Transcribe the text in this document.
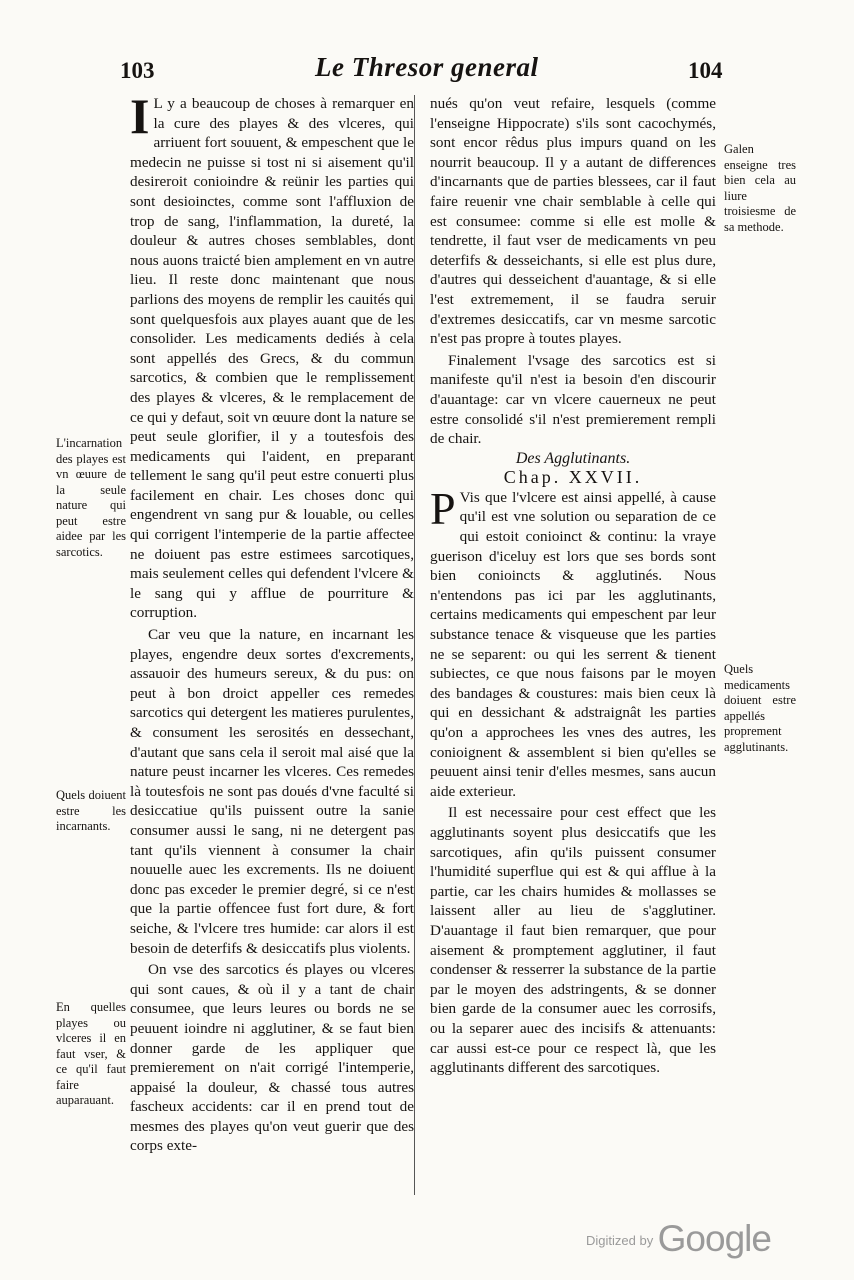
103	Le Thresor general	104
L'incarnation des playes est vn œuure de la seule nature qui peut estre aidee par les sarcotics.
Quels doiuent estre les incarnants.
En quelles playes ou vlceres il en faut vser, & ce qu'il faut faire auparauant.

I L y a beaucoup de choses à remarquer en la cure des playes & des vlceres, qui arriuent fort souuent, & empeschent que le medecin ne puisse si tost ni si aisement qu'il desireroit conioindre & reünir les parties qui sont desioinctes, comme sont l'affluxion de trop de sang, l'inflammation, la dureté, la douleur & autres choses semblables, dont nous auons traicté bien amplement en vn autre lieu. Il reste donc maintenant que nous parlions des moyens de remplir les cauités qui sont quelquesfois aux playes auant que de les consolider. Les medicaments dediés à cela sont appellés des Grecs, & du commun sarcotics, & combien que le remplissement des playes & vlceres, & le remplacement de ce qui y defaut, soit vn œuure dont la nature se peut seule glorifier, il y a toutesfois des medicaments qui l'aident, en preparant tellement le sang qu'il peut estre conuerti plus facilement en chair. Les choses donc qui engendrent vn sang pur & louable, ou celles qui corrigent l'intemperie de la partie affectee ne doiuent pas estre estimees sarcotiques, mais seulement celles qui defendent l'vlcere & le sang qui y afflue de pourriture & corruption.

Car veu que la nature, en incarnant les playes, engendre deux sortes d'excrements, assauoir des humeurs sereux, & du pus: on peut à bon droict appeller ces remedes sarcotics qui detergent les matieres purulentes, & consument les serosités en dessechant, d'autant que sans cela il seroit mal aisé que la nature peust incarner les vlceres. Ces remedes là toutesfois ne sont pas doués d'vne faculté si desiccatiue qu'ils puissent outre la sanie consumer aussi le sang, ni ne detergent pas tant qu'ils viennent à consumer la chair nouuelle auec les excrements. Ils ne doiuent donc pas exceder le premier degré, si ce n'est que la partie offencee fust fort dure, & fort seiche, & l'vlcere tres humide: car alors il est besoin de deterfifs & desiccatifs plus violents.

On vse des sarcotics és playes ou vlceres qui sont caues, & où il y a tant de chair consumee, que leurs leures ou bords ne se peuuent ioindre ni agglutiner, & se faut bien donner garde de les appliquer que premierement on n'ait corrigé l'intemperie, appaisé la douleur, & chassé tous autres fascheux accidents: car il en prend tout de mesmes des playes qu'on veut guerir que des corps exte-

nués qu'on veut refaire, lesquels (comme l'enseigne Hippocrate) s'ils sont cacochymés, sont encor rêdus plus impurs quand on les nourrit beaucoup. Il y a autant de differences d'incarnants que de parties blessees, car il faut faire reuenir vne chair semblable à celle qui est consumee: comme si elle est molle & tendrette, il faut vser de medicaments vn peu deterfifs & desseichants, si elle est plus dure, d'autres qui desseichent d'auantage, & si elle l'est extremement, il se faudra seruir d'extremes desiccatifs, car vn mesme sarcotic n'est pas propre à toutes playes.

Finalement l'vsage des sarcotics est si manifeste qu'il n'est ia besoin d'en discourir d'auantage: car vn vlcere cauerneux ne peut estre consolidé s'il n'est premierement rempli de chair.

Des Agglutinants.

Chap. XXVII.

P Vis que l'vlcere est ainsi appellé, à cause qu'il est vne solution ou separation de ce qui estoit conioinct & continu: la vraye guerison d'iceluy est lors que ses bords sont bien conioincts & agglutinés. Nous n'entendons pas ici par les agglutinants, certains medicaments qui empeschent par leur substance tenace & visqueuse que les parties ne se separent: ou qui les serrent & tienent subiectes, ce que nous faisons par le moyen des bandages & coustures: mais bien ceux là qui en dessichant & adstraignât les parties qu'on a approchees les vnes des autres, les conioignent & assemblent si bien qu'elles se peuuent ainsi tenir d'elles mesmes, sans aucun aide exterieur.

Il est necessaire pour cest effect que les agglutinants soyent plus desiccatifs que les sarcotiques, afin qu'ils puissent consumer l'humidité superflue qui est & qui afflue à la partie, car les chairs humides & mollasses se laissent aller au lieu de s'agglutiner. D'auantage il faut bien remarquer, que pour aisement & promptement agglutiner, il faut condenser & resserrer la substance de la partie par le moyen des adstringents, & se donner bien garde de la consumer auec les corrosifs, ou la separer auec des incisifs & attenuants: car aussi est-ce pour ce respect là, que les agglutinants different des sarcotiques.

Galen enseigne tres bien cela au liure troisiesme de sa methode.
Quels medicaments doiuent estre appellés proprement agglutinants.
$^{Digitized by}$ Google
